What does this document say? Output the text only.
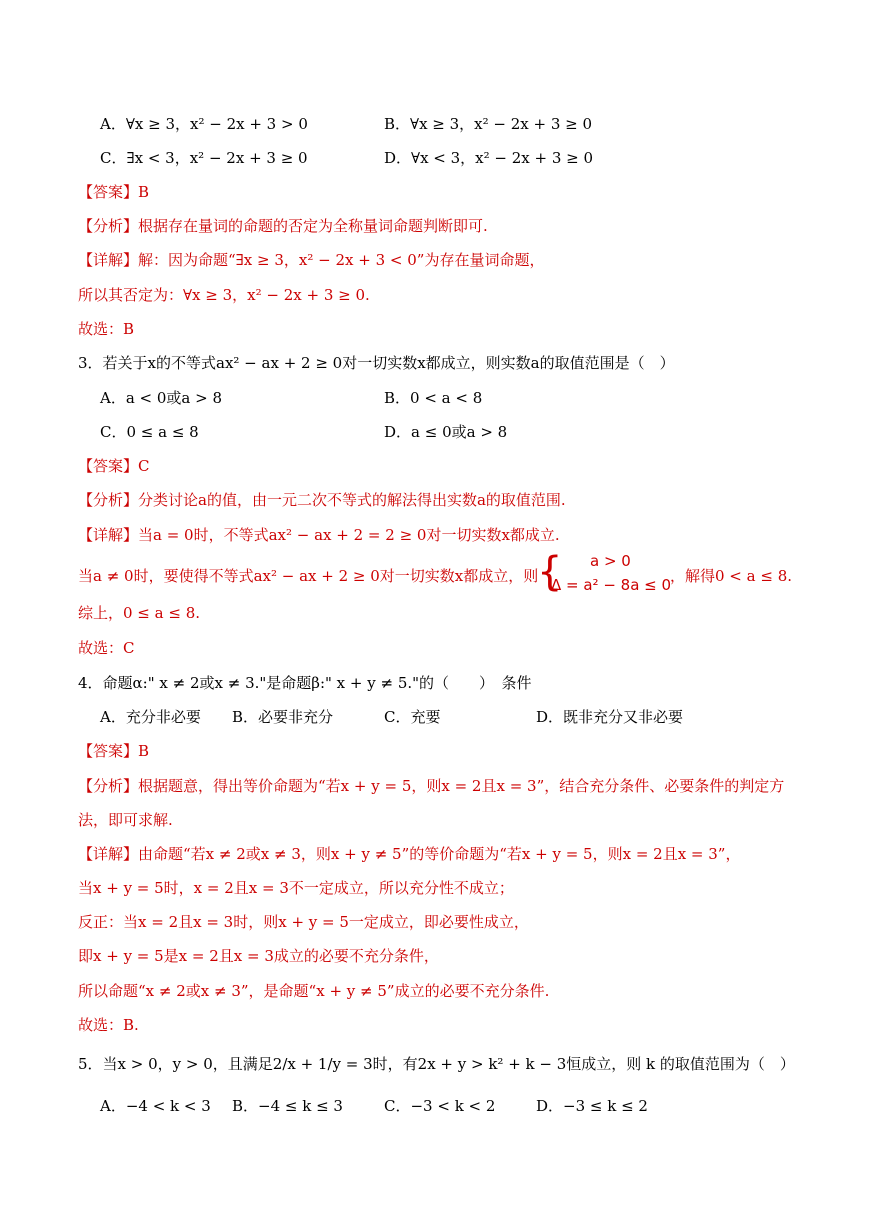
A．∀x ≥ 3，x² − 2x + 3 > 0	B．∀x ≥ 3，x² − 2x + 3 ≥ 0
C．∃x < 3，x² − 2x + 3 ≥ 0	D．∀x < 3，x² − 2x + 3 ≥ 0
【答案】B
【分析】根据存在量词的命题的否定为全称量词命题判断即可.
【详解】解：因为命题“∃x ≥ 3，x² − 2x + 3 < 0”为存在量词命题，
所以其否定为：∀x ≥ 3，x² − 2x + 3 ≥ 0.
故选：B
3．若关于x的不等式ax² − ax + 2 ≥ 0对一切实数x都成立，则实数a的取值范围是（　）
A．a < 0或a > 8	B．0 < a < 8
C．0 ≤ a ≤ 8	D．a ≤ 0或a > 8
【答案】C
【分析】分类讨论a的值，由一元二次不等式的解法得出实数a的取值范围.
【详解】当a = 0时，不等式ax² − ax + 2 = 2 ≥ 0对一切实数x都成立.
当a ≠ 0时，要使得不等式ax² − ax + 2 ≥ 0对一切实数x都成立，则
{ a > 0
Δ = a² − 8a ≤ 0
，解得0 < a ≤ 8.
综上，0 ≤ a ≤ 8.
故选：C
4．命题α:" x ≠ 2或x ≠ 3."是命题β:" x + y ≠ 5."的（　　）　条件
A．充分非必要 B．必要非充分	C．充要	D．既非充分又非必要
【答案】B
【分析】根据题意，得出等价命题为“若x + y = 5，则x = 2且x = 3”，结合充分条件、必要条件的判定方
法，即可求解.
【详解】由命题“若x ≠ 2或x ≠ 3，则x + y ≠ 5”的等价命题为“若x + y = 5，则x = 2且x = 3”，
当x + y = 5时，x = 2且x = 3不一定成立，所以充分性不成立；
反正：当x = 2且x = 3时，则x + y = 5一定成立，即必要性成立，
即x + y = 5是x = 2且x = 3成立的必要不充分条件，
所以命题“x ≠ 2或x ≠ 3”，是命题“x + y ≠ 5”成立的必要不充分条件.
故选：B.
5．当x > 0，y > 0，且满足2/x + 1/y = 3时，有2x + y > k² + k − 3恒成立，则 k 的取值范围为（　）
A．−4 < k < 3 B．−4 ≤ k ≤ 3	C．−3 < k < 2	D．−3 ≤ k ≤ 2
